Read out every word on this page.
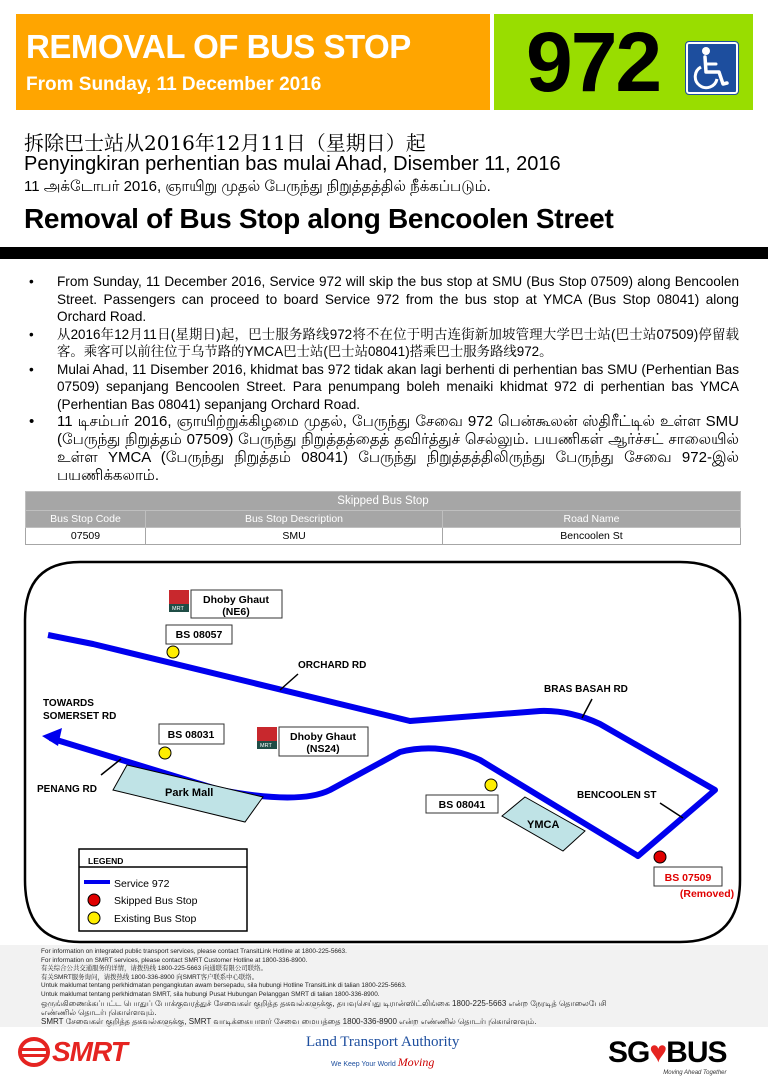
REMOVAL OF BUS STOP
From Sunday, 11 December 2016 972
拆除巴士站从2016年12月11日（星期日）起
Penyingkiran perhentian bas mulai Ahad, Disember 11, 2016
11 அக்டோபர் 2016, ஞாயிறு முதல் பேருந்து நிறுத்தத்தில் நீக்கப்படும்.
Removal of Bus Stop along Bencoolen Street
• From Sunday, 11 December 2016, Service 972 will skip the bus stop at SMU (Bus Stop 07509) along Bencoolen Street. Passengers can proceed to board Service 972 from the bus stop at YMCA (Bus Stop 08041) along Orchard Road.
• 从2016年12月11日(星期日)起，巴士服务路线972将不在位于明古连街新加坡管理大学巴士站(巴士站07509)停留载客。乘客可以前往位于乌节路的YMCA巴士站(巴士站08041)搭乘巴士服务路线972。
• Mulai Ahad, 11 Disember 2016, khidmat bas 972 tidak akan lagi berhenti di perhentian bas SMU (Perhentian Bas 07509) sepanjang Bencoolen Street. Para penumpang boleh menaiki khidmat 972 di perhentian bas YMCA (Perhentian Bas 08041) sepanjang Orchard Road.
• 11 டிசம்பர் 2016, ஞாயிற்றுக்கிழமை முதல், பேருந்து சேவை 972 பென்கூலன் ஸ்திரீட்டில் உள்ள SMU (பேருந்து நிறுத்தம் 07509) பேருந்து நிறுத்தத்தைத் தவிர்த்துச் செல்லும். பயணிகள் ஆர்ச்சட் சாலையில் உள்ள YMCA (பேருந்து நிறுத்தம் 08041) பேருந்து நிறுத்தத்திலிருந்து பேருந்து சேவை 972-இல் பயணிக்கலாம்.
Skipped Bus Stop		
Bus Stop Code	Bus Stop Description	Road Name
07509	SMU	Bencoolen St
Park Mall
YMCA
ORCHARD RD
BRAS BASAH RD
TOWARDS
SOMERSET RD
PENANG RD
BENCOOLEN ST
MRT
Dhoby Ghaut
(NE6)
MRT
Dhoby Ghaut
(NS24)
BS 08057
BS 08031
BS 08041
BS 07509
(Removed)
LEGEND
Service 972
Skipped Bus Stop
Existing Bus Stop
For information on integrated public transport services, please contact TransitLink Hotline at 1800-225-5663.
For information on SMRT services, please contact SMRT Customer Hotline at 1800-336-8900.
有关综合公共交通服务的详情，请拨热线 1800-225-5663 向通联有限公司联络。
有关SMRT服务询问，请拨热线 1800-336-8900 向SMRT客户联系中心联络。
Untuk maklumat tentang perkhidmatan pengangkutan awam bersepadu, sila hubungi Hotline TransitLink di talian 1800-225-5663.
Untuk maklumat tentang perkhidmatan SMRT, sila hubungi Pusat Hubungan Pelanggan SMRT di talian 1800-336-8900.
ஒருங்கிணைக்கப்பட்ட பொதுப் போக்குவரத்துச் சேவைகள் குறித்த தகவல்களுக்கு, தயவுசெய்து டிரான்ஸிட்லிங்கை 1800-225-5663 என்ற நேரடித் தொலைபேசி எண்ணில் தொடர்புகொள்ளவும்.
SMRT சேவைகள் குறித்த தகவல்களுக்கு, SMRT வாடிக்கையாளர் சேவை மையத்தை 1800-336-8900 என்ற எண்ணில் தொடர்புகொள்ளவும்.
SMRT	Land Transport Authority
We Keep Your World Moving	SG♥BUS
Moving Ahead Together
